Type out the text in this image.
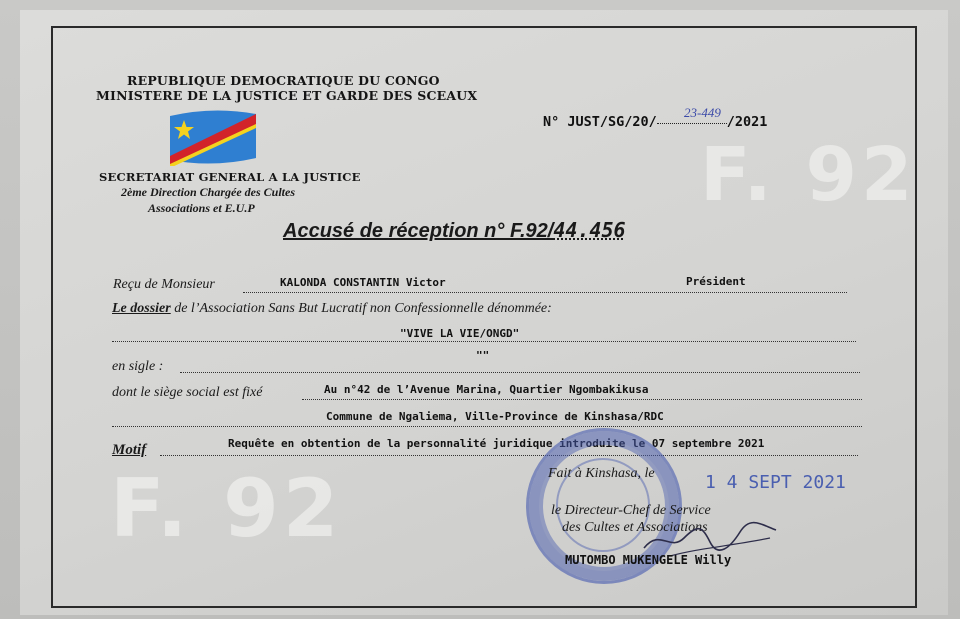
F. 92
F. 92
REPUBLIQUE DEMOCRATIQUE DU CONGO
MINISTERE DE LA JUSTICE ET GARDE DES SCEAUX
SECRETARIAT GENERAL A LA JUSTICE
2ème Direction Chargée des Cultes
Associations et E.U.P
N° JUST/SG/20/	/2021
23-449
Accusé de réception n° F.92/44.456
Reçu de Monsieur	KALONDA CONSTANTIN Victor	Président
Le dossier de l’Association Sans But Lucratif non Confessionnelle dénommée:
"VIVE LA VIE/ONGD"
en sigle :
""
dont le siège social est fixé	Au n°42 de l’Avenue Marina, Quartier Ngombakikusa
Commune de Ngaliema, Ville-Province de Kinshasa/RDC
Motif	Requête en obtention de la personnalité juridique introduite le 07 septembre 2021
Fait à Kinshasa, le	1 4 SEPT 2021
le Directeur-Chef de Service
des Cultes et Associations
MUTOMBO MUKENGELE Willy
